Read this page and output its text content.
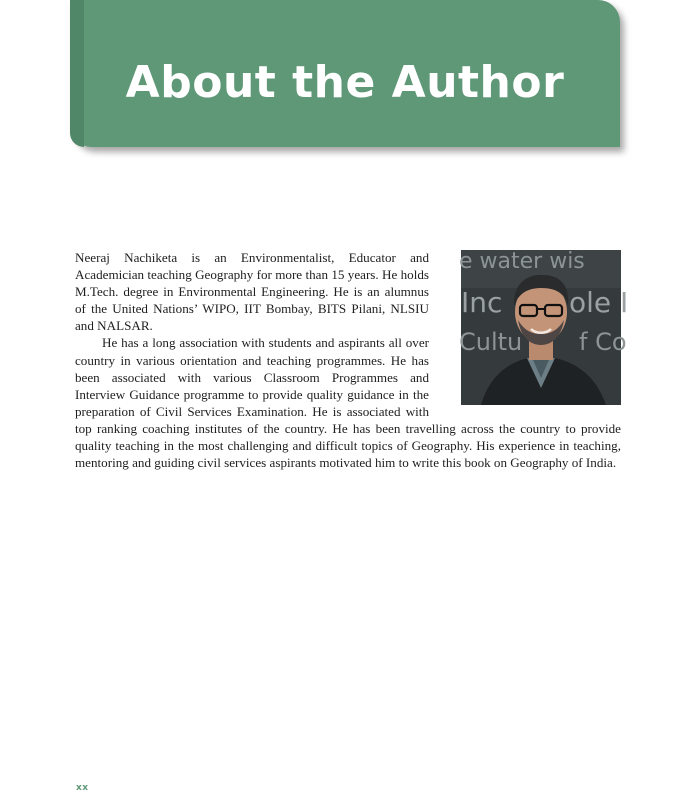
About the Author
e water wis
Inc ole I
Cultu f Co

Neeraj Nachiketa is an Environmentalist, Educator and Academician teaching Geography for more than 15 years. He holds M.Tech. degree in Environmental Engineering. He is an alumnus of the United Nations’ WIPO, IIT Bombay, BITS Pilani, NLSIU and NALSAR.

He has a long association with students and aspirants all over country in various orientation and teaching programmes. He has been associated with various Classroom Programmes and Interview Guidance programme to provide quality guidance in the preparation of Civil Services Examination. He is associated with top ranking coaching institutes of the country. He has been travelling across the country to provide quality teaching in the most challenging and difficult topics of Geography. His experience in teaching, mentoring and guiding civil services aspirants motivated him to write this book on Geography of India.

xx
